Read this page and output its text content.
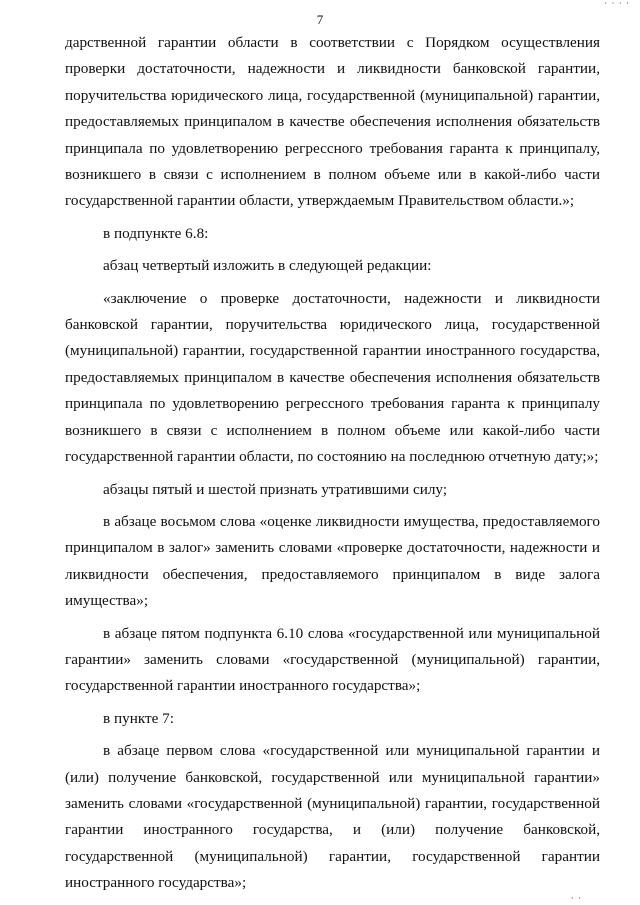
· · · ·
7

дарственной гарантии области в соответствии с Порядком осуществления проверки достаточности, надежности и ликвидности банковской гарантии, поручительства юридического лица, государственной (муниципальной) гарантии, предоставляемых принципалом в качестве обеспечения исполнения обязательств принципала по удовлетворению регрессного требования гаранта к принципалу, возникшего в связи с исполнением в полном объеме или в какой-либо части государственной гарантии области, утверждаемым Правительством области.»;

в подпункте 6.8:

абзац четвертый изложить в следующей редакции:

«заключение о проверке достаточности, надежности и ликвидности банковской гарантии, поручительства юридического лица, государственной (муниципальной) гарантии, государственной гарантии иностранного государства, предоставляемых принципалом в качестве обеспечения исполнения обязательств принципала по удовлетворению регрессного требования гаранта к принципалу возникшего в связи с исполнением в полном объеме или какой-либо части государственной гарантии области, по состоянию на последнюю отчетную дату;»;

абзацы пятый и шестой признать утратившими силу;

в абзаце восьмом слова «оценке ликвидности имущества, предоставляемого принципалом в залог» заменить словами «проверке достаточности, надежности и ликвидности обеспечения, предоставляемого принципалом в виде залога имущества»;

в абзаце пятом подпункта 6.10 слова «государственной или муниципальной гарантии» заменить словами «государственной (муниципальной) гарантии, государственной гарантии иностранного государства»;

в пункте 7:

в абзаце первом слова «государственной или муниципальной гарантии и (или) получение банковской, государственной или муниципальной гарантии» заменить словами «государственной (муниципальной) гарантии, государственной гарантии иностранного государства, и (или) получение банковской, государственной (муниципальной) гарантии, государственной гарантии иностранного государства»;

· ·
